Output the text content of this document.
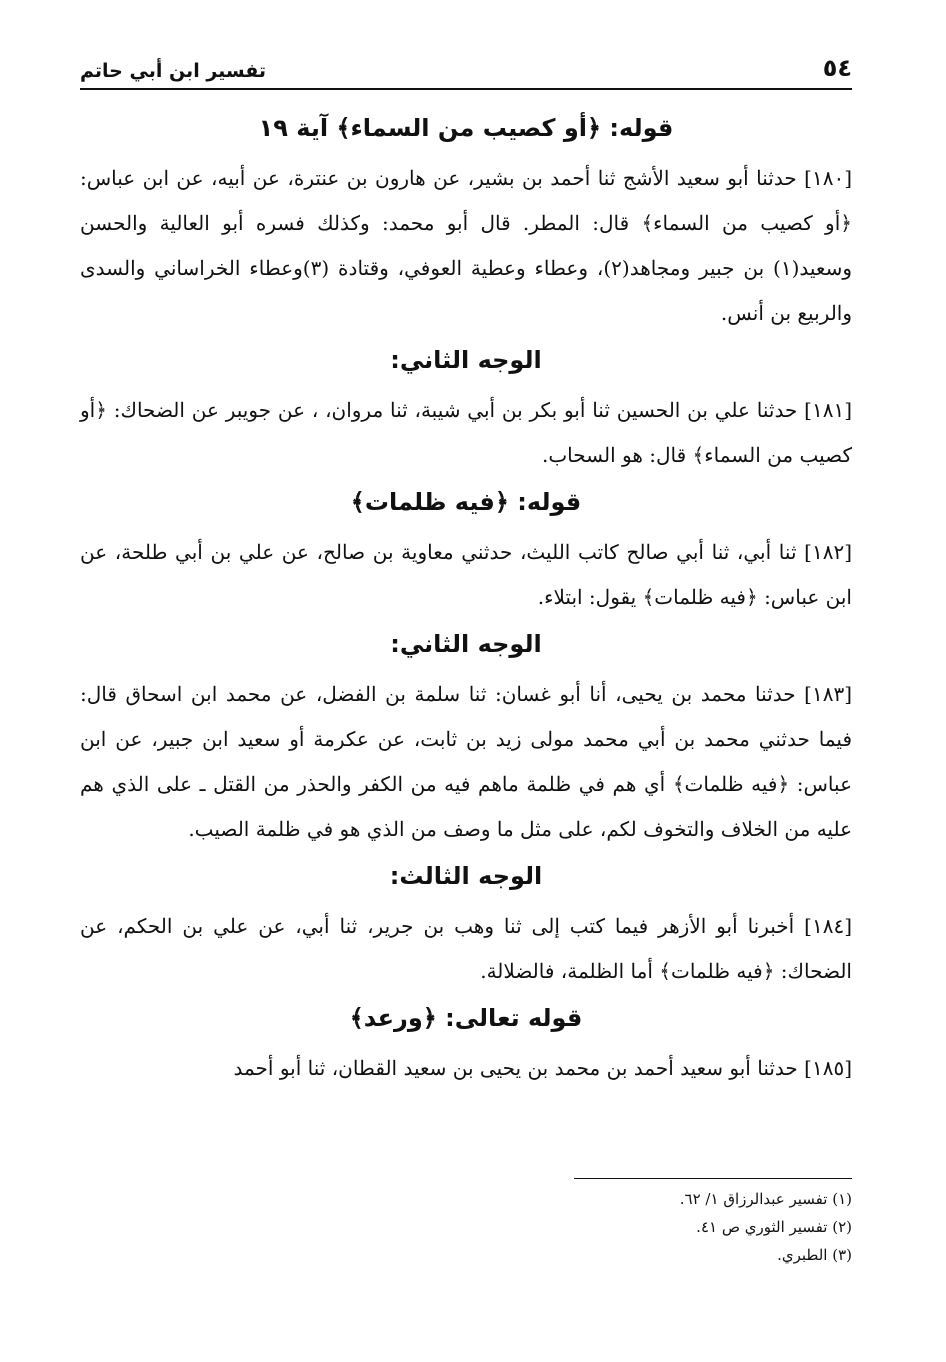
٥٤
تفسير ابن أبي حاتم
قوله: ﴿أو كصيب من السماء﴾ آية ١٩

[١٨٠] حدثنا أبو سعيد الأشج ثنا أحمد بن بشير، عن هارون بن عنترة، عن أبيه، عن ابن عباس: ﴿أو كصيب من السماء﴾ قال: المطر. قال أبو محمد: وكذلك فسره أبو العالية والحسن وسعيد(١) بن جبير ومجاهد(٢)، وعطاء وعطية العوفي، وقتادة (٣)وعطاء الخراساني والسدى والربيع بن أنس.

الوجه الثاني:

[١٨١] حدثنا علي بن الحسين ثنا أبو بكر بن أبي شيبة، ثنا مروان، ، عن جويبر عن الضحاك: ﴿أو كصيب من السماء﴾ قال: هو السحاب.

قوله: ﴿فيه ظلمات﴾

[١٨٢] ثنا أبي، ثنا أبي صالح كاتب الليث، حدثني معاوية بن صالح، عن علي بن أبي طلحة، عن ابن عباس: ﴿فيه ظلمات﴾ يقول: ابتلاء.

الوجه الثاني:

[١٨٣] حدثنا محمد بن يحيى، أنا أبو غسان: ثنا سلمة بن الفضل، عن محمد ابن اسحاق قال: فيما حدثني محمد بن أبي محمد مولى زيد بن ثابت، عن عكرمة أو سعيد ابن جبير، عن ابن عباس: ﴿فيه ظلمات﴾ أي هم في ظلمة ماهم فيه من الكفر والحذر من القتل ـ على الذي هم عليه من الخلاف والتخوف لكم، على مثل ما وصف من الذي هو في ظلمة الصيب.

الوجه الثالث:

[١٨٤] أخبرنا أبو الأزهر فيما كتب إلى ثنا وهب بن جرير، ثنا أبي، عن علي بن الحكم، عن الضحاك: ﴿فيه ظلمات﴾ أما الظلمة، فالضلالة.

قوله تعالى: ﴿ورعد﴾

[١٨٥] حدثنا أبو سعيد أحمد بن محمد بن يحيى بن سعيد القطان، ثنا أبو أحمد

(١) تفسير عبدالرزاق ١/ ٦٢.

(٢) تفسير الثوري ص ٤١.

(٣) الطبري.
